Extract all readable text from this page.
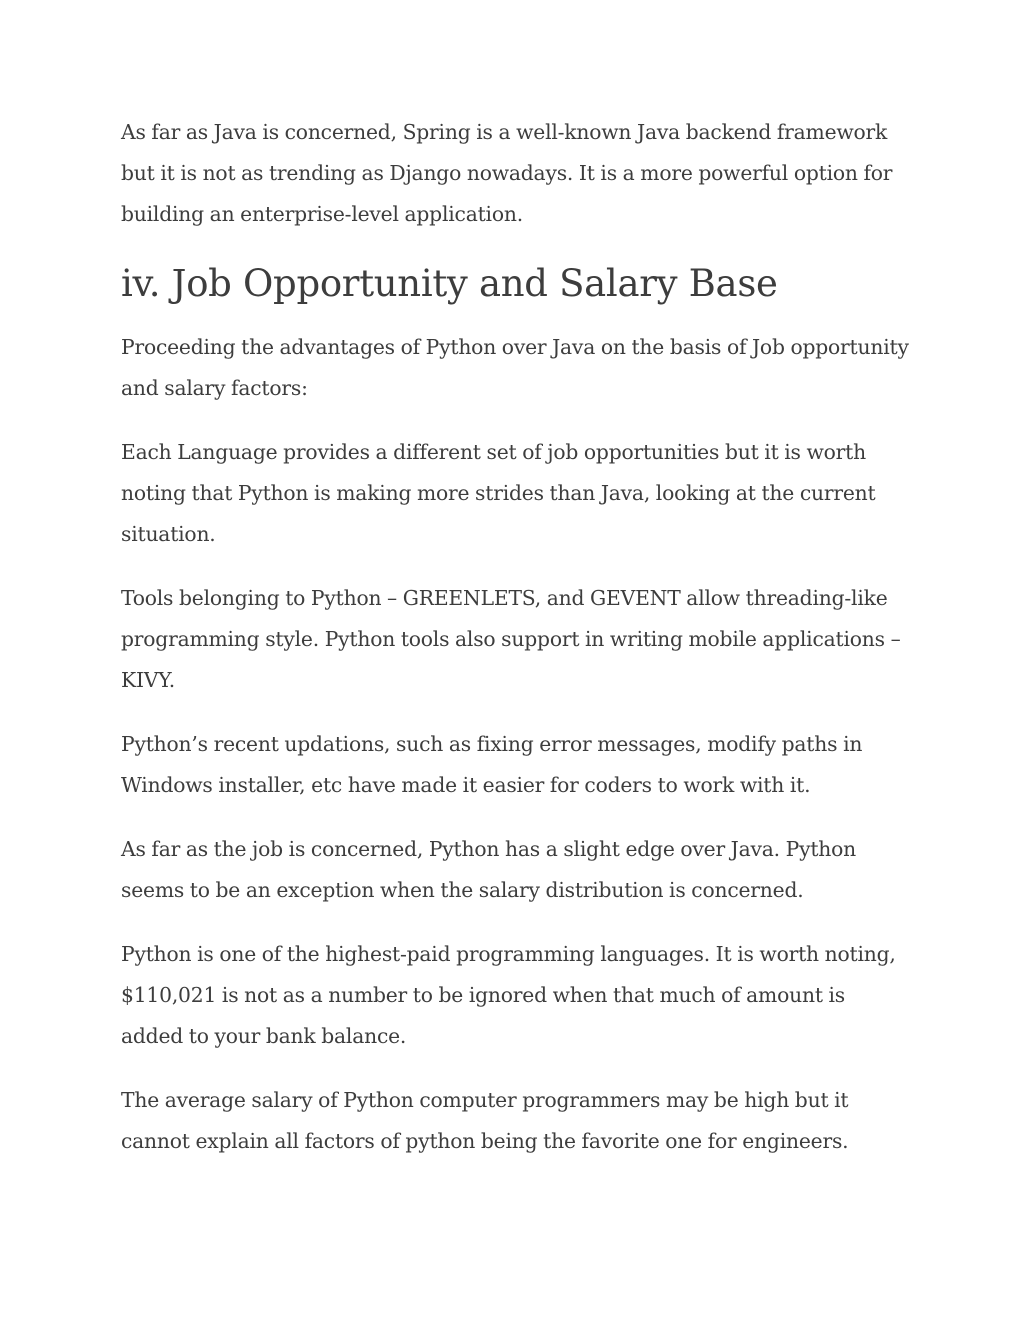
As far as Java is concerned, Spring is a well-known Java backend framework but it is not as trending as Django nowadays. It is a more powerful option for building an enterprise-level application.

iv. Job Opportunity and Salary Base

Proceeding the advantages of Python over Java on the basis of Job opportunity and salary factors:

Each Language provides a different set of job opportunities but it is worth noting that Python is making more strides than Java, looking at the current situation.

Tools belonging to Python – GREENLETS, and GEVENT allow threading-like programming style. Python tools also support in writing mobile applications – KIVY.

Python’s recent updations, such as fixing error messages, modify paths in Windows installer, etc have made it easier for coders to work with it.

As far as the job is concerned, Python has a slight edge over Java. Python seems to be an exception when the salary distribution is concerned.

Python is one of the highest-paid programming languages. It is worth noting, $110,021 is not as a number to be ignored when that much of amount is added to your bank balance.

The average salary of Python computer programmers may be high but it cannot explain all factors of python being the favorite one for engineers.
